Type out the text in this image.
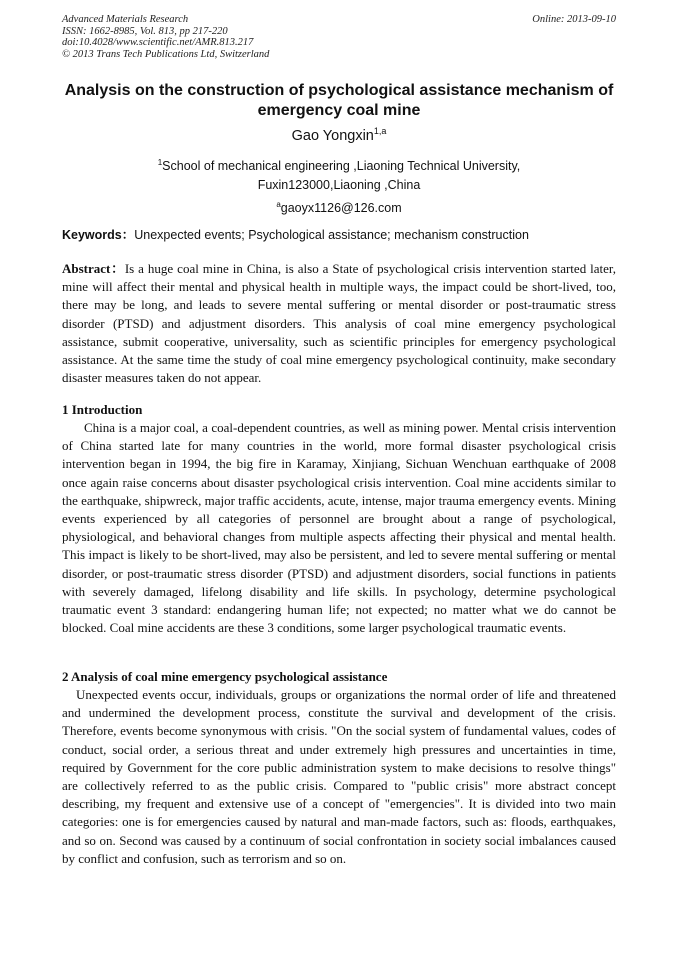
Advanced Materials Research
ISSN: 1662-8985, Vol. 813, pp 217-220
doi:10.4028/www.scientific.net/AMR.813.217
© 2013 Trans Tech Publications Ltd, Switzerland
Online: 2013-09-10
Analysis on the construction of psychological assistance mechanism of emergency coal mine
Gao Yongxin$^{1,a}$
$^1$School of mechanical engineering ,Liaoning Technical University,
Fuxin123000,Liaoning ,China
$^a$gaoyx1126@126.com
Keywords：Unexpected events; Psychological assistance; mechanism construction
Abstract：Is a huge coal mine in China, is also a State of psychological crisis intervention started later, mine will affect their mental and physical health in multiple ways, the impact could be short-lived, too, there may be long, and leads to severe mental suffering or mental disorder or post-traumatic stress disorder (PTSD) and adjustment disorders. This analysis of coal mine emergency psychological assistance, submit cooperative, universality, such as scientific principles for emergency psychological assistance. At the same time the study of coal mine emergency psychological continuity, make secondary disaster measures taken do not appear.
1 Introduction

China is a major coal, a coal-dependent countries, as well as mining power. Mental crisis intervention of China started late for many countries in the world, more formal disaster psychological crisis intervention began in 1994, the big fire in Karamay, Xinjiang, Sichuan Wenchuan earthquake of 2008 once again raise concerns about disaster psychological crisis intervention. Coal mine accidents similar to the earthquake, shipwreck, major traffic accidents, acute, intense, major trauma emergency events. Mining events experienced by all categories of personnel are brought about a range of psychological, physiological, and behavioral changes from multiple aspects affecting their physical and mental health. This impact is likely to be short-lived, may also be persistent, and led to severe mental suffering or mental disorder, or post-traumatic stress disorder (PTSD) and adjustment disorders, social functions in patients with severely damaged, lifelong disability and life skills. In psychology, determine psychological traumatic event 3 standard: endangering human life; not expected; no matter what we do cannot be blocked. Coal mine accidents are these 3 conditions, some larger psychological traumatic events.

2 Analysis of coal mine emergency psychological assistance

Unexpected events occur, individuals, groups or organizations the normal order of life and threatened and undermined the development process, constitute the survival and development of the crisis. Therefore, events become synonymous with crisis. "On the social system of fundamental values, codes of conduct, social order, a serious threat and under extremely high pressures and uncertainties in time, required by Government for the core public administration system to make decisions to resolve things" are collectively referred to as the public crisis. Compared to "public crisis" more abstract concept describing, my frequent and extensive use of a concept of "emergencies". It is divided into two main categories: one is for emergencies caused by natural and man-made factors, such as: floods, earthquakes, and so on. Second was caused by a continuum of social confrontation in society social imbalances caused by conflict and confusion, such as terrorism and so on.
